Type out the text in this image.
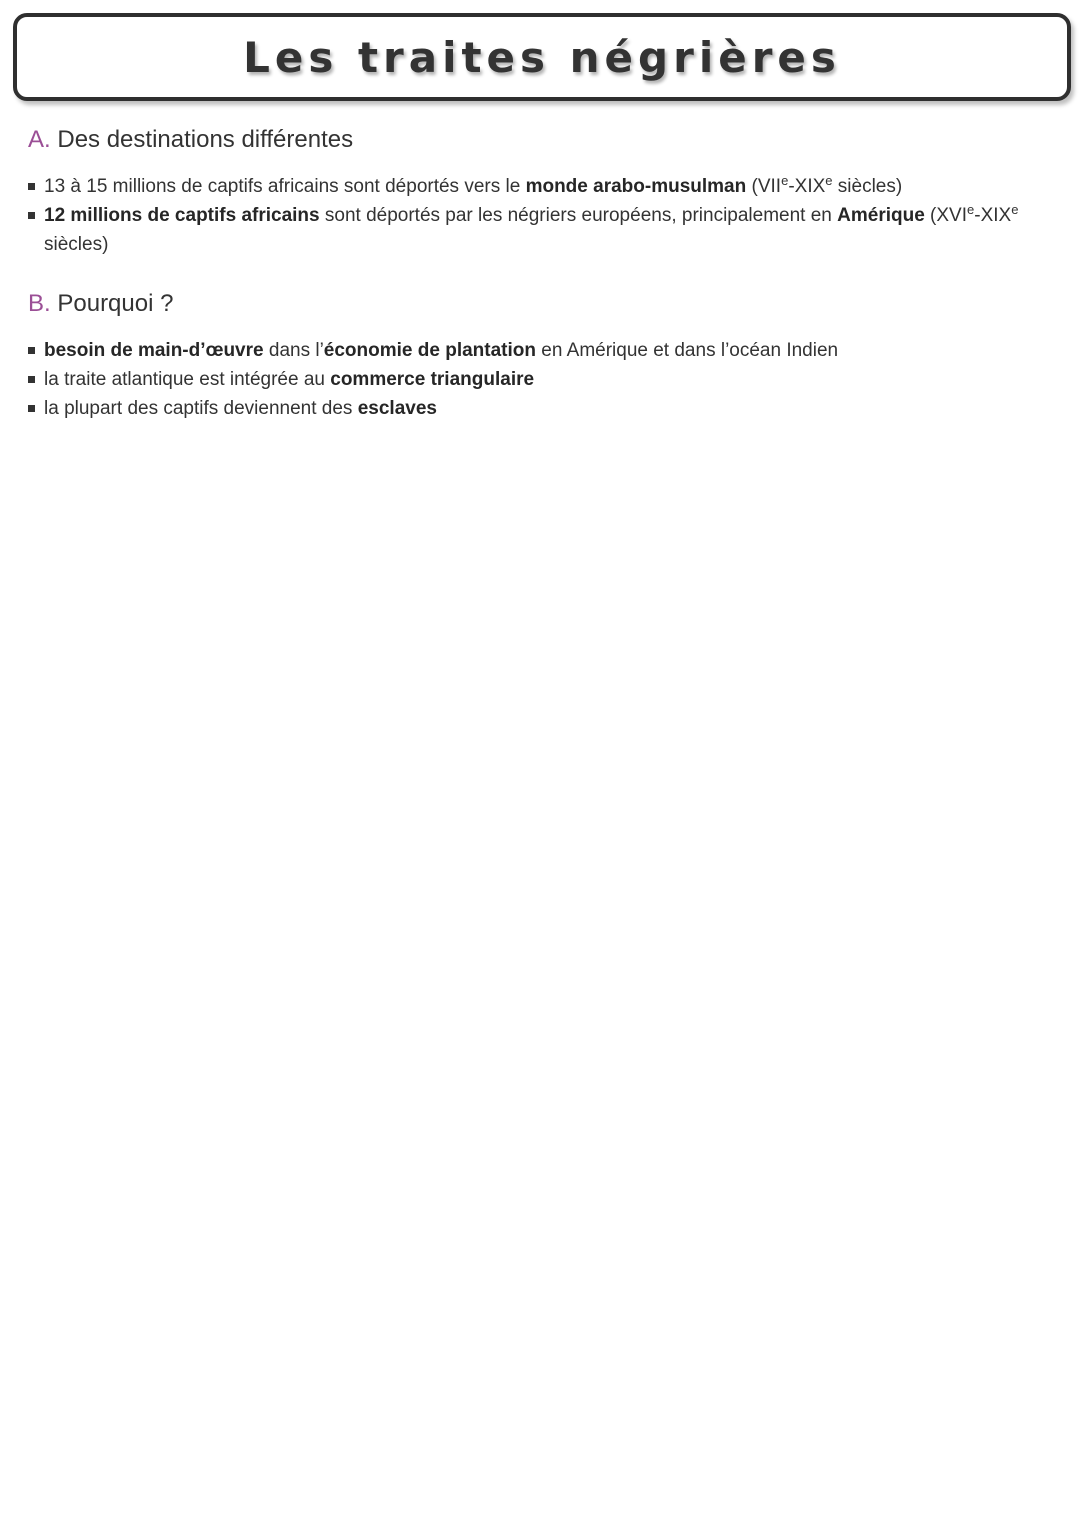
Les traites négrières
A. Des destinations différentes
13 à 15 millions de captifs africains sont déportés vers le monde arabo-musulman (VIIe-XIXe siècles)
12 millions de captifs africains sont déportés par les négriers européens, principalement en Amérique (XVIe-XIXe siècles)
B. Pourquoi ?
besoin de main-d’œuvre dans l’économie de plantation en Amérique et dans l’océan Indien
la traite atlantique est intégrée au commerce triangulaire
la plupart des captifs deviennent des esclaves
